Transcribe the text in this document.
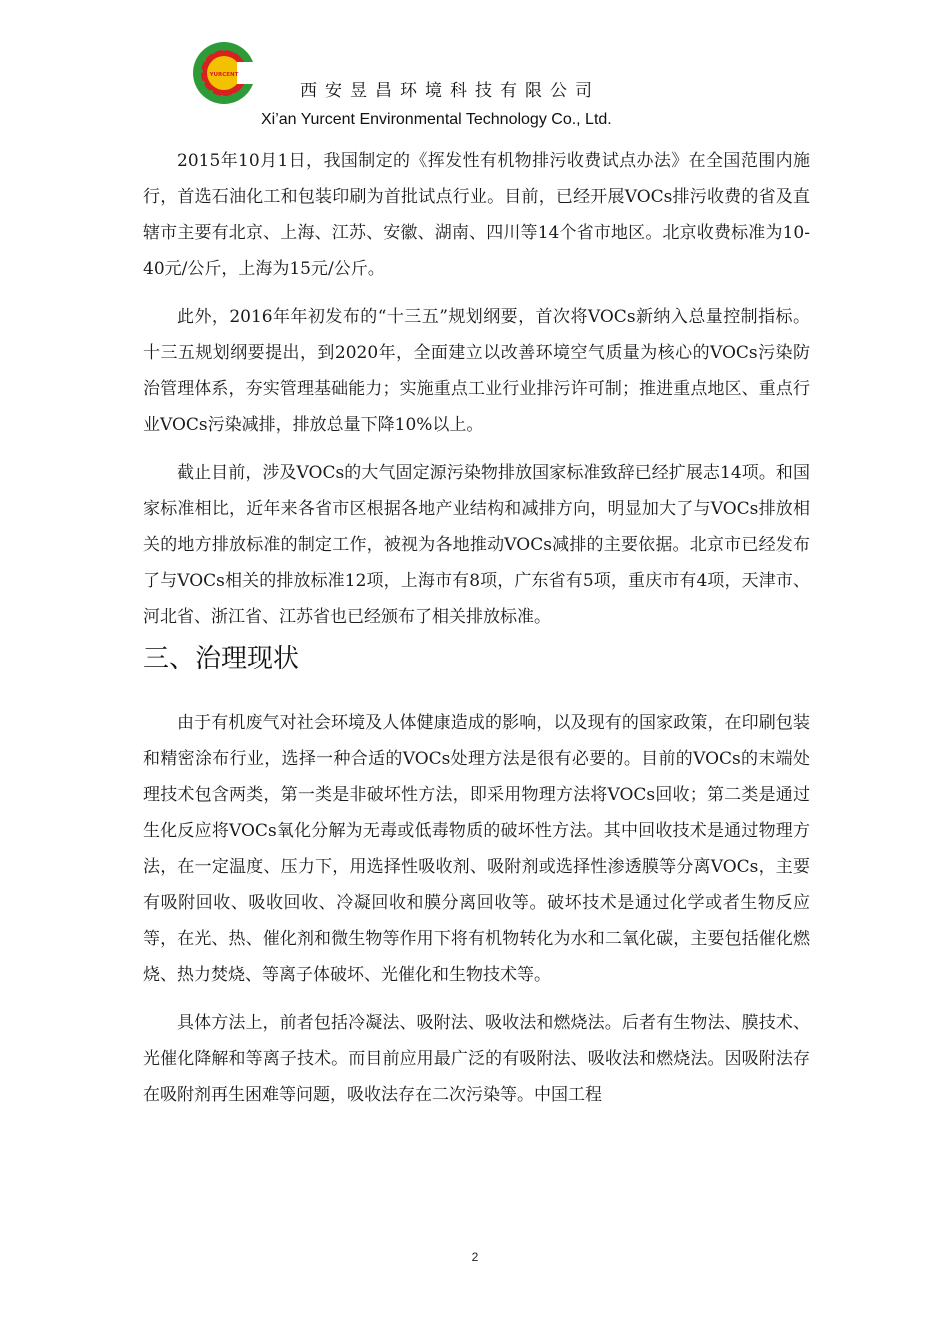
YURCENT
西安昱昌环境科技有限公司
Xi’an Yurcent Environmental Technology Co., Ltd.

2015年10月1日，我国制定的《挥发性有机物排污收费试点办法》在全国范围内施行，首选石油化工和包装印刷为首批试点行业。目前，已经开展VOCs排污收费的省及直辖市主要有北京、上海、江苏、安徽、湖南、四川等14个省市地区。北京收费标准为10-40元/公斤，上海为15元/公斤。

此外，2016年年初发布的“十三五”规划纲要，首次将VOCs新纳入总量控制指标。十三五规划纲要提出，到2020年，全面建立以改善环境空气质量为核心的VOCs污染防治管理体系，夯实管理基础能力；实施重点工业行业排污许可制；推进重点地区、重点行业VOCs污染减排，排放总量下降10%以上。

截止目前，涉及VOCs的大气固定源污染物排放国家标准致辞已经扩展志14项。和国家标准相比，近年来各省市区根据各地产业结构和减排方向，明显加大了与VOCs排放相关的地方排放标准的制定工作，被视为各地推动VOCs减排的主要依据。北京市已经发布了与VOCs相关的排放标准12项，上海市有8项，广东省有5项，重庆市有4项，天津市、河北省、浙江省、江苏省也已经颁布了相关排放标准。

三、治理现状

由于有机废气对社会环境及人体健康造成的影响，以及现有的国家政策，在印刷包装和精密涂布行业，选择一种合适的VOCs处理方法是很有必要的。目前的VOCs的末端处理技术包含两类，第一类是非破坏性方法，即采用物理方法将VOCs回收；第二类是通过生化反应将VOCs氧化分解为无毒或低毒物质的破坏性方法。其中回收技术是通过物理方法，在一定温度、压力下，用选择性吸收剂、吸附剂或选择性渗透膜等分离VOCs，主要有吸附回收、吸收回收、冷凝回收和膜分离回收等。破坏技术是通过化学或者生物反应等，在光、热、催化剂和微生物等作用下将有机物转化为水和二氧化碳，主要包括催化燃烧、热力焚烧、等离子体破坏、光催化和生物技术等。

具体方法上，前者包括冷凝法、吸附法、吸收法和燃烧法。后者有生物法、膜技术、光催化降解和等离子技术。而目前应用最广泛的有吸附法、吸收法和燃烧法。因吸附法存在吸附剂再生困难等问题，吸收法存在二次污染等。中国工程

2
